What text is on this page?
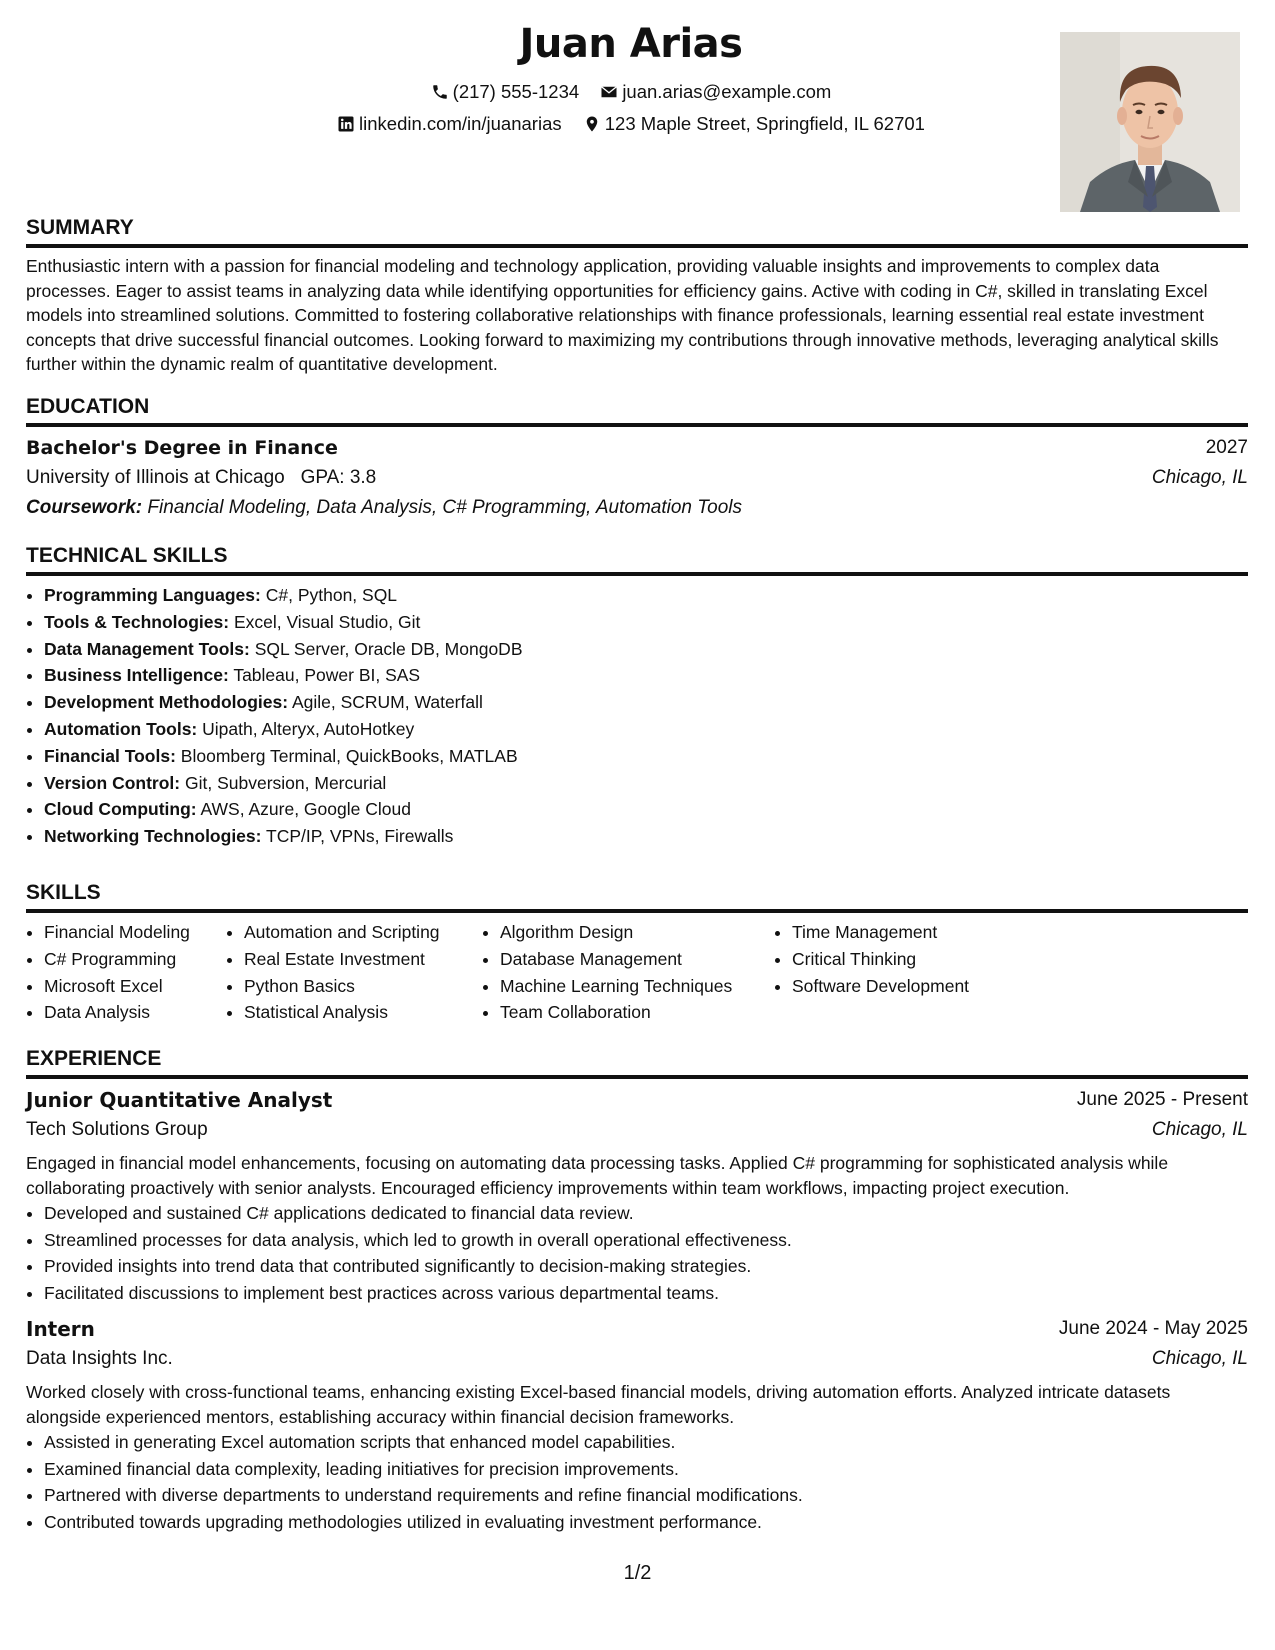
Juan Arias
(217) 555-1234
juan.arias@example.com
linkedin.com/in/juanarias
123 Maple Street, Springfield, IL 62701
SUMMARY

Enthusiastic intern with a passion for financial modeling and technology application, providing valuable insights and improvements to complex data processes. Eager to assist teams in analyzing data while identifying opportunities for efficiency gains. Active with coding in C#, skilled in translating Excel models into streamlined solutions. Committed to fostering collaborative relationships with finance professionals, learning essential real estate investment concepts that drive successful financial outcomes. Looking forward to maximizing my contributions through innovative methods, leveraging analytical skills further within the dynamic realm of quantitative development.

EDUCATION
Bachelor's Degree in Finance	2027
University of Illinois at Chicago GPA: 3.8	Chicago, IL
Coursework: Financial Modeling, Data Analysis, C# Programming, Automation Tools
TECHNICAL SKILLS
• Programming Languages: C#, Python, SQL
• Tools & Technologies: Excel, Visual Studio, Git
• Data Management Tools: SQL Server, Oracle DB, MongoDB
• Business Intelligence: Tableau, Power BI, SAS
• Development Methodologies: Agile, SCRUM, Waterfall
• Automation Tools: Uipath, Alteryx, AutoHotkey
• Financial Tools: Bloomberg Terminal, QuickBooks, MATLAB
• Version Control: Git, Subversion, Mercurial
• Cloud Computing: AWS, Azure, Google Cloud
• Networking Technologies: TCP/IP, VPNs, Firewalls
SKILLS
• Financial Modeling
• C# Programming
• Microsoft Excel
• Data Analysis
• Automation and Scripting
• Real Estate Investment
• Python Basics
• Statistical Analysis
• Algorithm Design
• Database Management
• Machine Learning Techniques
• Team Collaboration
• Time Management
• Critical Thinking
• Software Development
EXPERIENCE
Junior Quantitative Analyst	June 2025 - Present
Tech Solutions Group	Chicago, IL

Engaged in financial model enhancements, focusing on automating data processing tasks. Applied C# programming for sophisticated analysis while collaborating proactively with senior analysts. Encouraged efficiency improvements within team workflows, impacting project execution.

• Developed and sustained C# applications dedicated to financial data review.
• Streamlined processes for data analysis, which led to growth in overall operational effectiveness.
• Provided insights into trend data that contributed significantly to decision-making strategies.
• Facilitated discussions to implement best practices across various departmental teams.
Intern	June 2024 - May 2025
Data Insights Inc.	Chicago, IL

Worked closely with cross-functional teams, enhancing existing Excel-based financial models, driving automation efforts. Analyzed intricate datasets alongside experienced mentors, establishing accuracy within financial decision frameworks.

• Assisted in generating Excel automation scripts that enhanced model capabilities.
• Examined financial data complexity, leading initiatives for precision improvements.
• Partnered with diverse departments to understand requirements and refine financial modifications.
• Contributed towards upgrading methodologies utilized in evaluating investment performance.
1/2
